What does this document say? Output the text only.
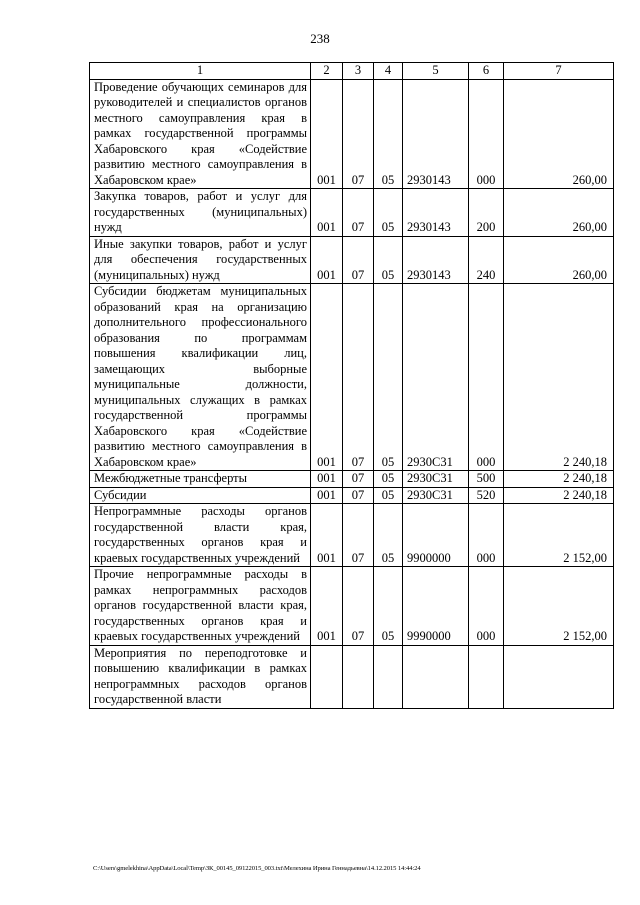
238
1	2	3	4	5	6	7
Проведение обучающих семинаров для руководителей и специалистов органов местного самоуправления края в рамках государственной программы Хабаровского края «Содействие развитию местного самоуправления в Хабаровском крае»	001	07	05	2930143	000	260,00
Закупка товаров, работ и услуг для государственных (муниципальных) нужд	001	07	05	2930143	200	260,00
Иные закупки товаров, работ и услуг для обеспечения государственных (муниципальных) нужд	001	07	05	2930143	240	260,00
Субсидии бюджетам муниципальных образований края на организацию дополнительного профессионального образования по программам повышения квалификации лиц, замещающих выборные муниципальные должности, муниципальных служащих в рамках государственной программы Хабаровского края «Содействие развитию местного самоуправления в Хабаровском крае»	001	07	05	2930С31	000	2 240,18
Межбюджетные трансферты	001	07	05	2930С31	500	2 240,18
Субсидии	001	07	05	2930С31	520	2 240,18
Непрограммные расходы органов государственной власти края, государственных органов края и краевых государственных учреждений	001	07	05	9900000	000	2 152,00
Прочие непрограммные расходы в рамках непрограммных расходов органов государственной власти края, государственных органов края и краевых государственных учреждений	001	07	05	9990000	000	2 152,00
Мероприятия по переподготовке и повышению квалификации в рамках непрограммных расходов органов государственной власти						
C:\Users\gmelekhina\AppData\Local\Temp\ЗК_00145_09122015_003.txt\Мелехина Ирина Геннадьевна\14.12.2015 14:44:24
